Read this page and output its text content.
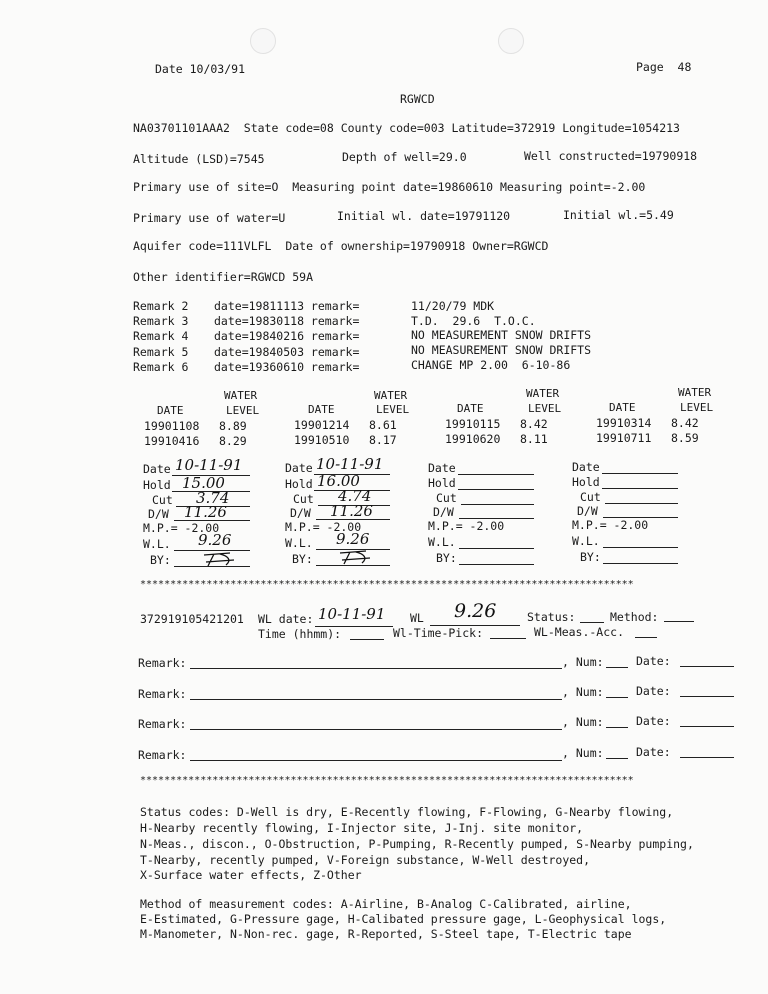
Date 10/03/91	Page  48
RGWCD
NA03701101AAA2  State code=08 County code=003 Latitude=372919 Longitude=1054213
Altitude (LSD)=7545	Depth of well=29.0	Well constructed=19790918
Primary use of site=O  Measuring point date=19860610 Measuring point=-2.00
Primary use of water=U	Initial wl. date=19791120	Initial wl.=5.49
Aquifer code=111VLFL  Date of ownership=19790918 Owner=RGWCD
Other identifier=RGWCD 59A
Remark 2 date=19811113 remark=	11/20/79 MDK
Remark 3 date=19830118 remark=	T.D.  29.6  T.O.C.
Remark 4 date=19840216 remark=	NO MEASUREMENT SNOW DRIFTS
Remark 5 date=19840503 remark=	NO MEASUREMENT SNOW DRIFTS
Remark 6 date=19360610 remark=	CHANGE MP 2.00  6-10-86
WATER	WATER	WATER	WATER
DATE	LEVEL	DATE	LEVEL	DATE	LEVEL	DATE	LEVEL
19901108 8.89	19901214 8.61	19910115 8.42	19910314 8.42
19910416 8.29	19910510 8.17	19910620 8.11	19910711 8.59
Date 10-11-91
Hold 15.00
Cut 3.74
D/W 11.26
M.P.= -2.00
W.L. 9.26
BY:
Date 10-11-91
Hold 16.00
Cut 4.74
D/W 11.26
M.P.= -2.00
W.L. 9.26
BY:
Date
Hold
Cut
D/W
M.P.= -2.00
W.L.
BY:
Date
Hold
Cut
D/W
M.P.= -2.00
W.L.
BY:
**********************************************************************************
372919105421201 WL date: 10-11-91 WL 9.26	Status:	Method:
Time (hhmm):	Wl-Time-Pick:	WL-Meas.-Acc.
Remark:	, Num:	Date:
Remark:	, Num:	Date:
Remark:	, Num:	Date:
Remark:	, Num:	Date:
**********************************************************************************
Status codes: D-Well is dry, E-Recently flowing, F-Flowing, G-Nearby flowing,
H-Nearby recently flowing, I-Injector site, J-Inj. site monitor,
N-Meas., discon., O-Obstruction, P-Pumping, R-Recently pumped, S-Nearby pumping,
T-Nearby, recently pumped, V-Foreign substance, W-Well destroyed,
X-Surface water effects, Z-Other
Method of measurement codes: A-Airline, B-Analog C-Calibrated, airline,
E-Estimated, G-Pressure gage, H-Calibated pressure gage, L-Geophysical logs,
M-Manometer, N-Non-rec. gage, R-Reported, S-Steel tape, T-Electric tape
